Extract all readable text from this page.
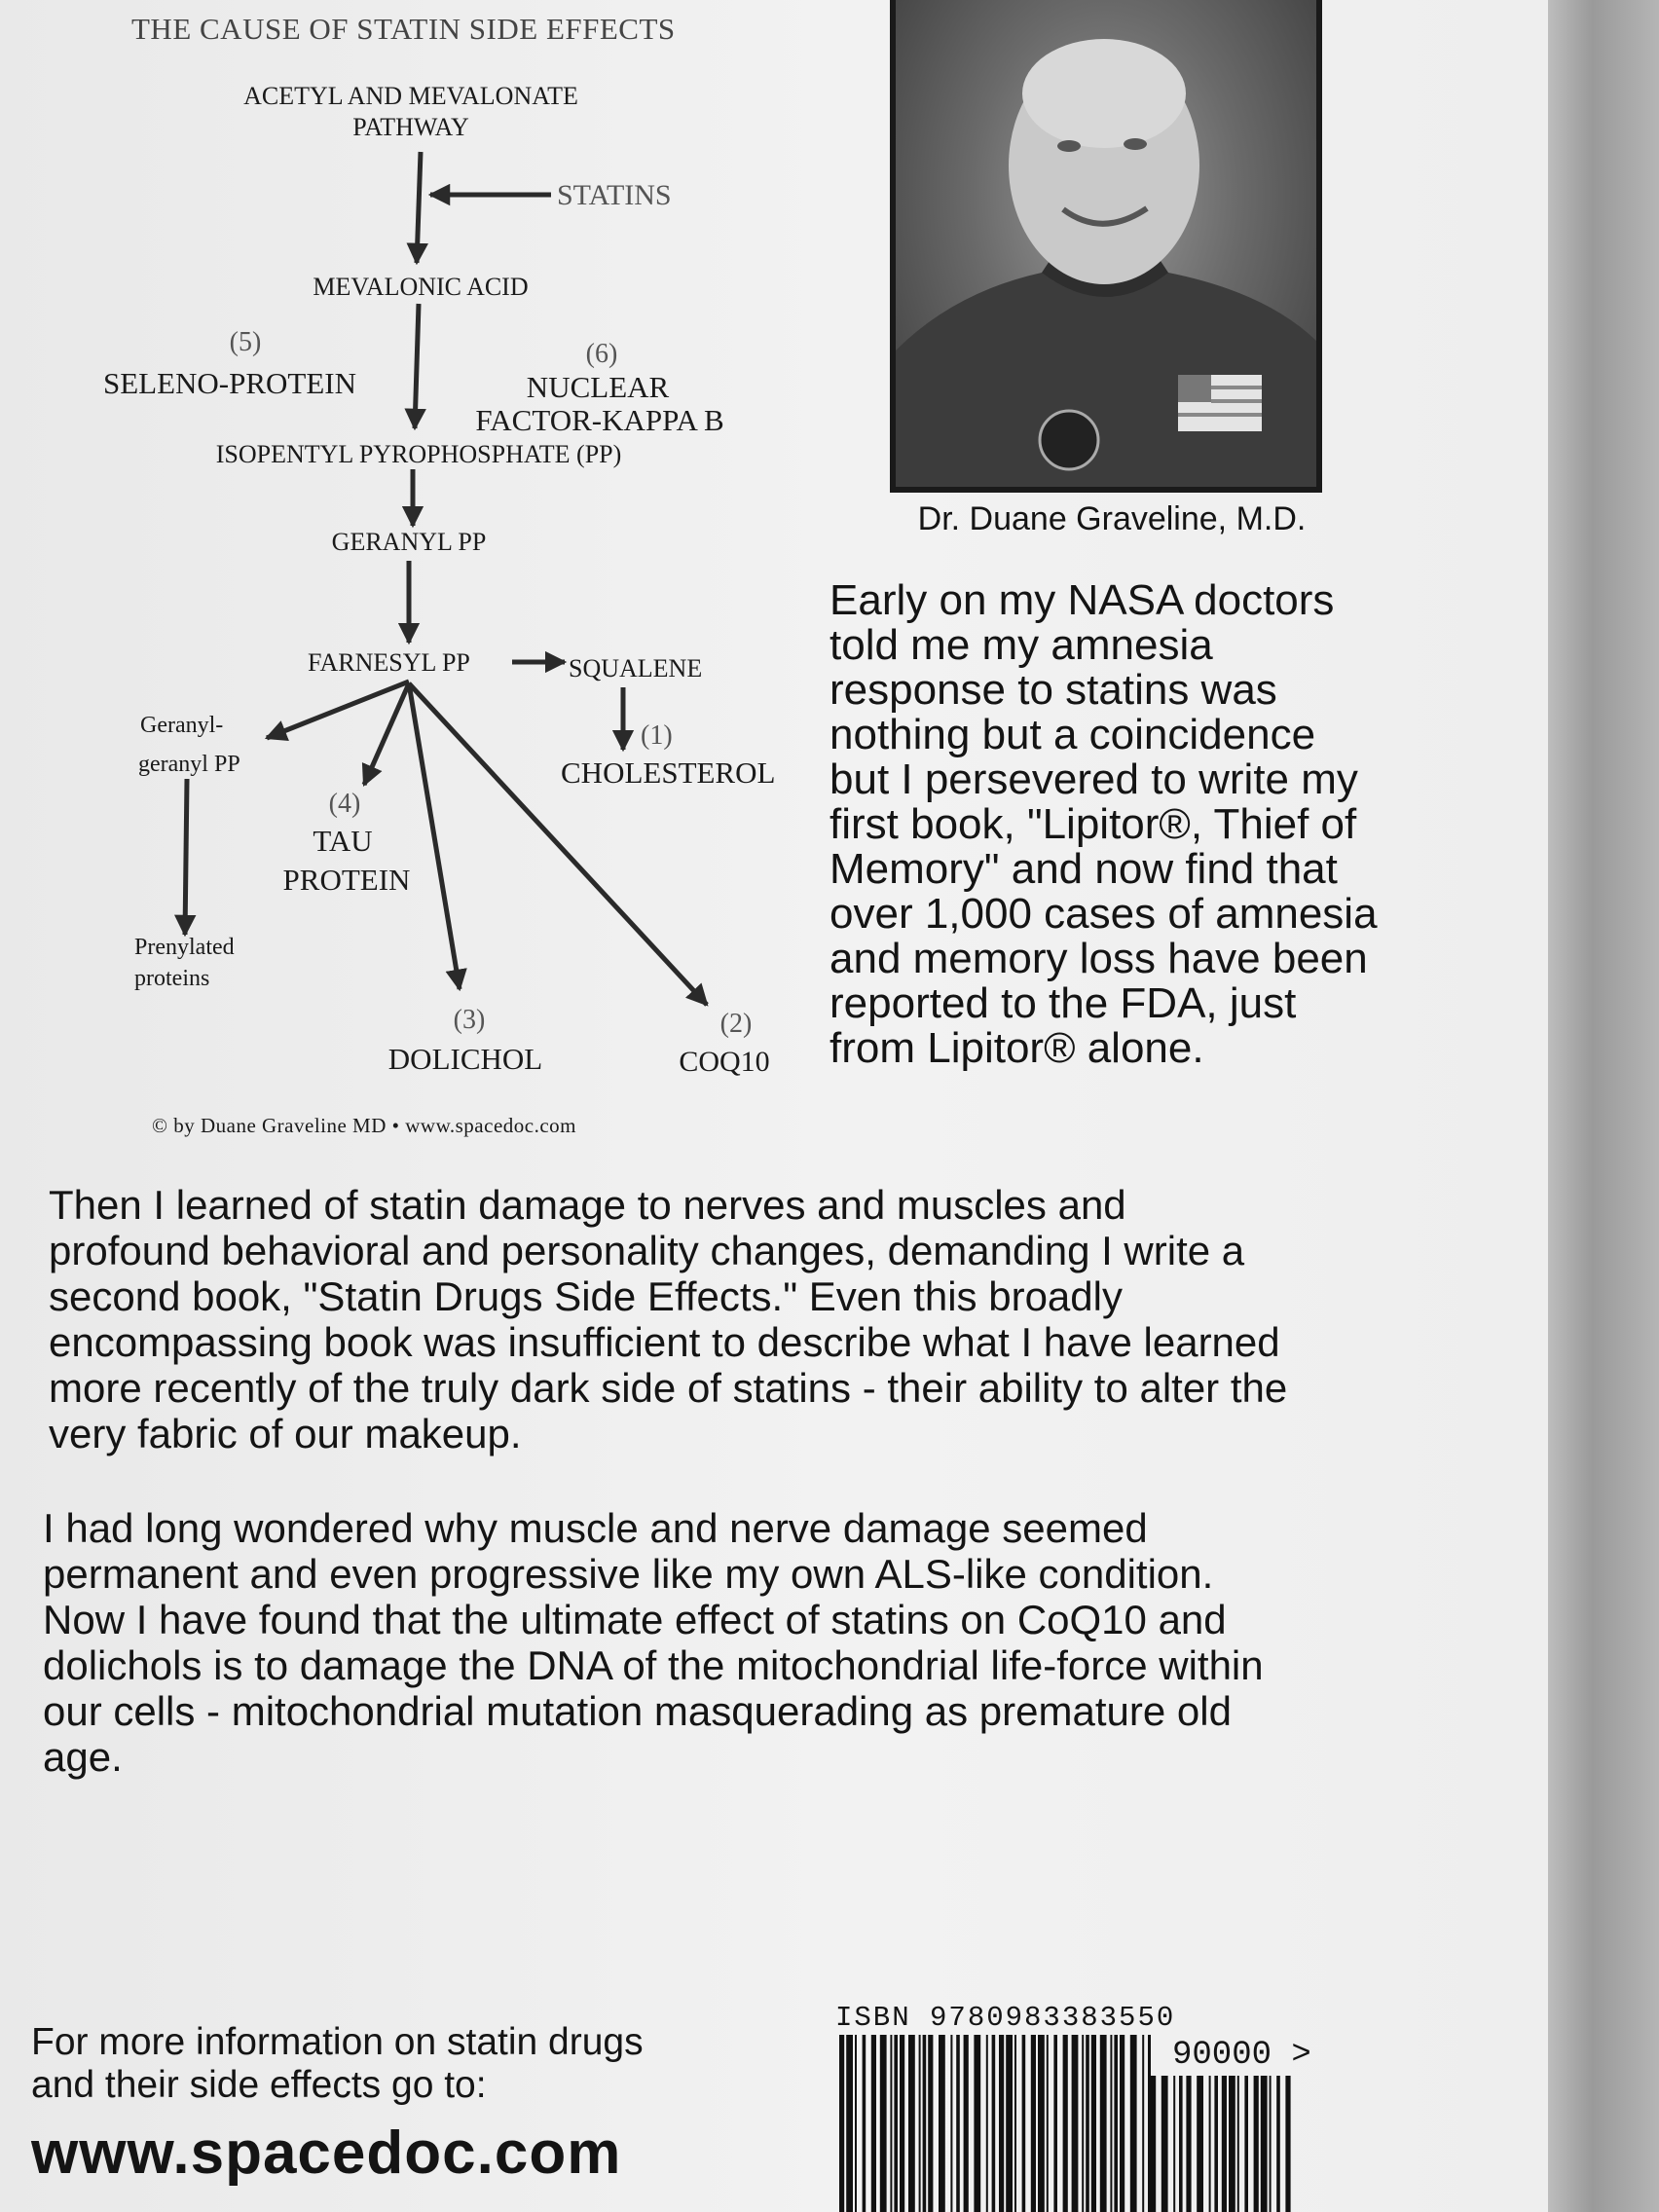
THE CAUSE OF STATIN SIDE EFFECTS
ACETYL AND MEVALONATE
PATHWAY
STATINS
MEVALONIC ACID
(5)
SELENO-PROTEIN
(6)
NUCLEAR
FACTOR-KAPPA B
ISOPENTYL PYROPHOSPHATE (PP)
GERANYL PP
FARNESYL PP	SQUALENE
(1)
CHOLESTEROL
Geranyl-
geranyl PP
(4)
TAU
PROTEIN
Prenylated
proteins
(3)
DOLICHOL
(2)
COQ10
© by Duane Graveline MD • www.spacedoc.com
Dr. Duane Graveline, M.D.
Early on my NASA doctors
told me my amnesia
response to statins was
nothing but a coincidence
but I persevered to write my
first book, "Lipitor®, Thief of
Memory" and now find that
over 1,000 cases of amnesia
and memory loss have been
reported to the FDA, just
from Lipitor® alone.
Then I learned of statin damage to nerves and muscles and
profound behavioral and personality changes, demanding I write a
second book, "Statin Drugs Side Effects." Even this broadly
encompassing book was insufficient to describe what I have learned
more recently of the truly dark side of statins - their ability to alter the
very fabric of our makeup.
I had long wondered why muscle and nerve damage seemed
permanent and even progressive like my own ALS-like condition.
Now I have found that the ultimate effect of statins on CoQ10 and
dolichols is to damage the DNA of the mitochondrial life-force within
our cells - mitochondrial mutation masquerading as premature old
age.
For more information on statin drugs
and their side effects go to:
www.spacedoc.com
ISBN 9780983383550
90000 >
